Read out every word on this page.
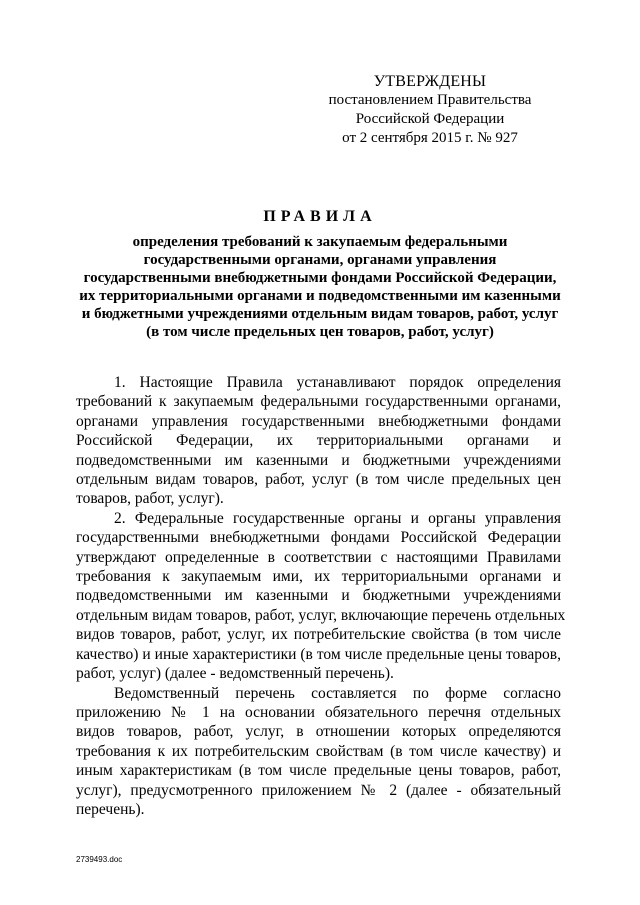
УТВЕРЖДЕНЫ
постановлением Правительства
Российской Федерации
от 2 сентября 2015 г. № 927
ПРАВИЛА
определения требований к закупаемым федеральными
государственными органами, органами управления
государственными внебюджетными фондами Российской Федерации,
их территориальными органами и подведомственными им казенными
и бюджетными учреждениями отдельным видам товаров, работ, услуг
(в том числе предельных цен товаров, работ, услуг)
1. Настоящие Правила устанавливают порядок определения
требований к закупаемым федеральными государственными органами,
органами управления государственными внебюджетными фондами
Российской Федерации, их территориальными органами и
подведомственными им казенными и бюджетными учреждениями
отдельным видам товаров, работ, услуг (в том числе предельных цен
товаров, работ, услуг).
2. Федеральные государственные органы и органы управления
государственными внебюджетными фондами Российской Федерации
утверждают определенные в соответствии с настоящими Правилами
требования к закупаемым ими, их территориальными органами и
подведомственными им казенными и бюджетными учреждениями
отдельным видам товаров, работ, услуг, включающие перечень отдельных
видов товаров, работ, услуг, их потребительские свойства (в том числе
качество) и иные характеристики (в том числе предельные цены товаров,
работ, услуг) (далее - ведомственный перечень).
Ведомственный перечень составляется по форме согласно
приложению № 1 на основании обязательного перечня отдельных
видов товаров, работ, услуг, в отношении которых определяются
требования к их потребительским свойствам (в том числе качеству) и
иным характеристикам (в том числе предельные цены товаров, работ,
услуг), предусмотренного приложением № 2 (далее - обязательный
перечень).
2739493.doc
